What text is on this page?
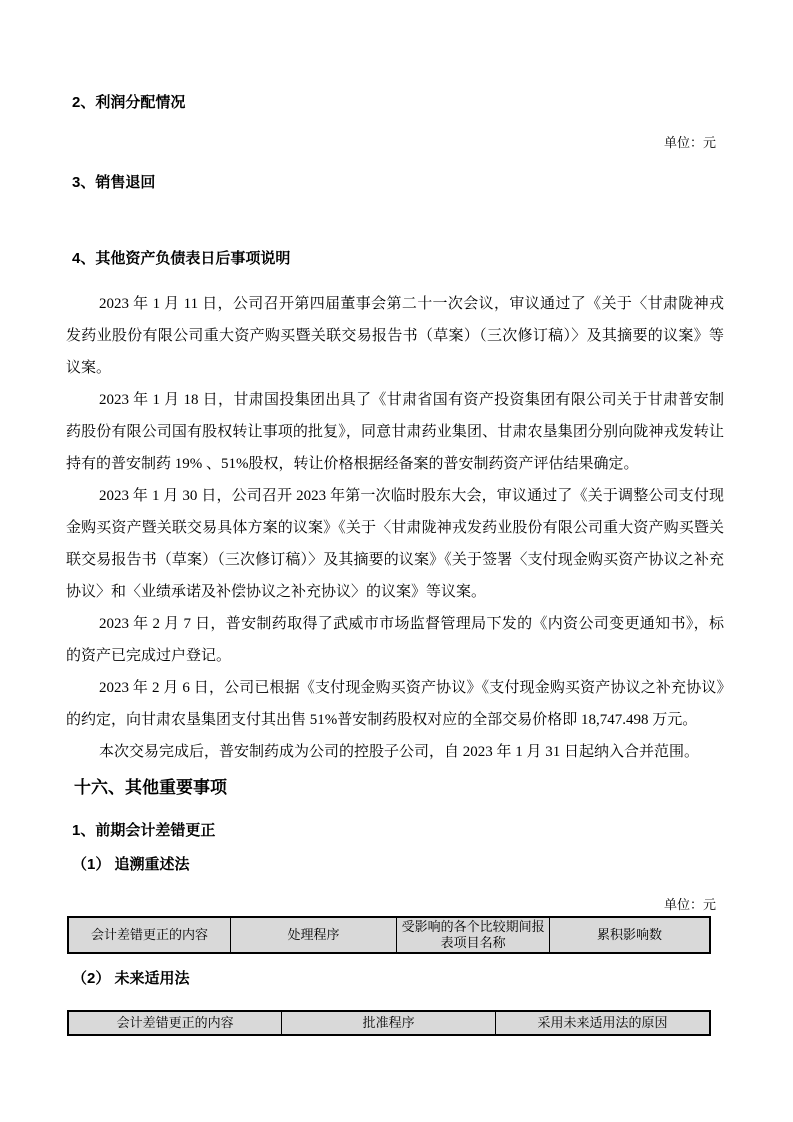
2、利润分配情况
单位：元
3、销售退回
4、其他资产负债表日后事项说明

2023 年 1 月 11 日，公司召开第四届董事会第二十一次会议，审议通过了《关于〈甘肃陇神戎发药业股份有限公司重大资产购买暨关联交易报告书（草案）（三次修订稿）〉及其摘要的议案》等议案。

2023 年 1 月 18 日，甘肃国投集团出具了《甘肃省国有资产投资集团有限公司关于甘肃普安制药股份有限公司国有股权转让事项的批复》，同意甘肃药业集团、甘肃农垦集团分别向陇神戎发转让持有的普安制药 19% 、51%股权，转让价格根据经备案的普安制药资产评估结果确定。

2023 年 1 月 30 日，公司召开 2023 年第一次临时股东大会，审议通过了《关于调整公司支付现金购买资产暨关联交易具体方案的议案》《关于〈甘肃陇神戎发药业股份有限公司重大资产购买暨关联交易报告书（草案）（三次修订稿）〉及其摘要的议案》《关于签署〈支付现金购买资产协议之补充协议〉和〈业绩承诺及补偿协议之补充协议〉的议案》等议案。

2023 年 2 月 7 日，普安制药取得了武威市市场监督管理局下发的《内资公司变更通知书》，标的资产已完成过户登记。

2023 年 2 月 6 日，公司已根据《支付现金购买资产协议》《支付现金购买资产协议之补充协议》的约定，向甘肃农垦集团支付其出售 51%普安制药股权对应的全部交易价格即 18,747.498 万元。

本次交易完成后，普安制药成为公司的控股子公司，自 2023 年 1 月 31 日起纳入合并范围。

十六、其他重要事项
1、前期会计差错更正
（1） 追溯重述法
单位：元
会计差错更正的内容	处理程序	受影响的各个比较期间报表项目名称	累积影响数
（2） 未来适用法
会计差错更正的内容	批准程序	采用未来适用法的原因
